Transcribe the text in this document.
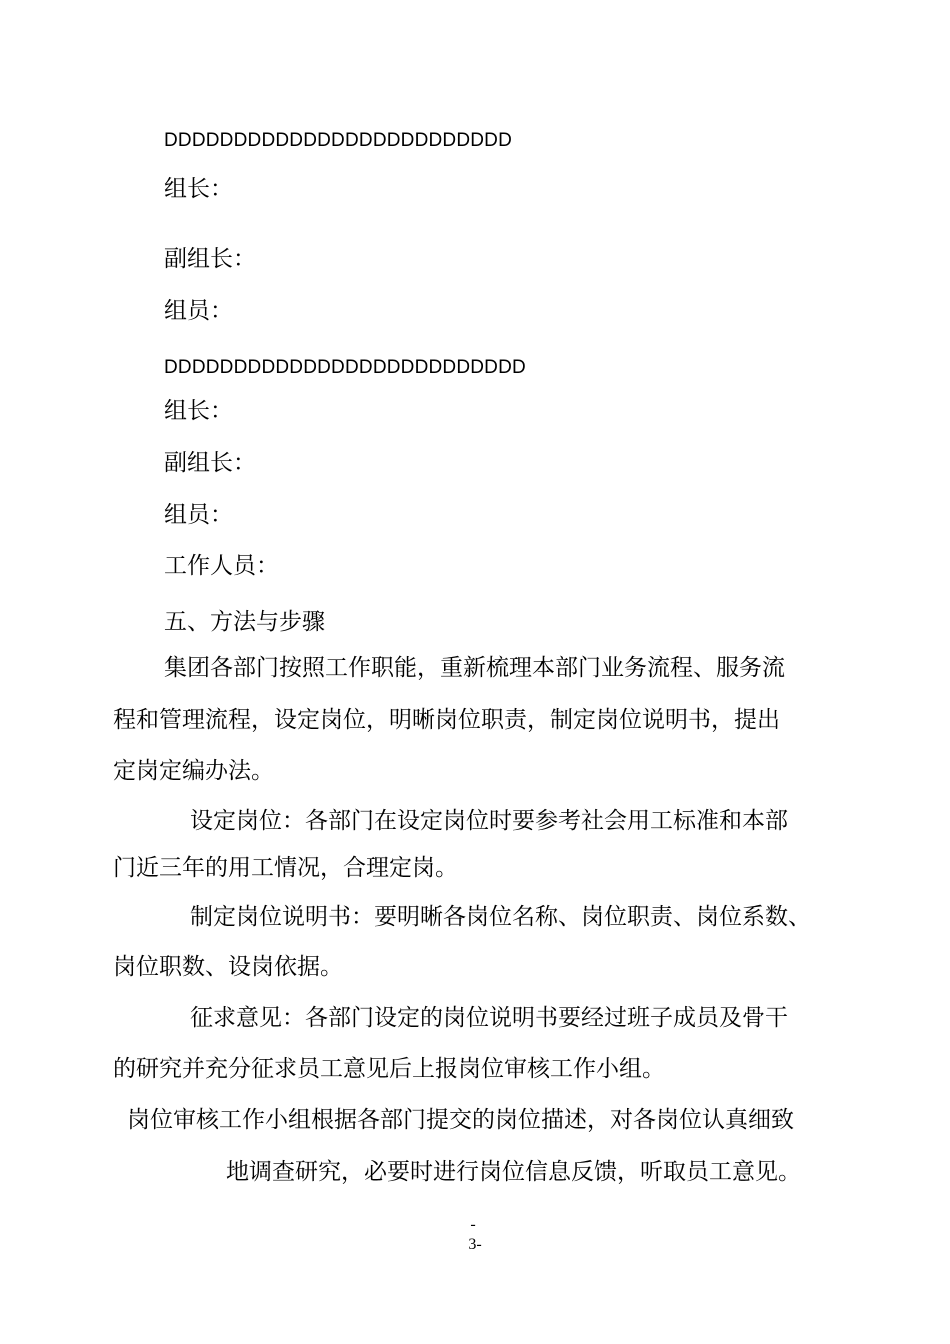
DDDDDDDDDDDDDDDDDDDDDDDDD
组长：
副组长：
组员：
DDDDDDDDDDDDDDDDDDDDDDDDDD
组长：
副组长：
组员：
工作人员：
五、方法与步骤
集团各部门按照工作职能，重新梳理本部门业务流程、服务流
程和管理流程，设定岗位，明晰岗位职责，制定岗位说明书，提出
定岗定编办法。
设定岗位：各部门在设定岗位时要参考社会用工标准和本部
门近三年的用工情况，合理定岗。
制定岗位说明书：要明晰各岗位名称、岗位职责、岗位系数、
岗位职数、设岗依据。
征求意见：各部门设定的岗位说明书要经过班子成员及骨干
的研究并充分征求员工意见后上报岗位审核工作小组。
岗位审核工作小组根据各部门提交的岗位描述，对各岗位认真细致
地调查研究，必要时进行岗位信息反馈，听取员工意见。
-
3-
